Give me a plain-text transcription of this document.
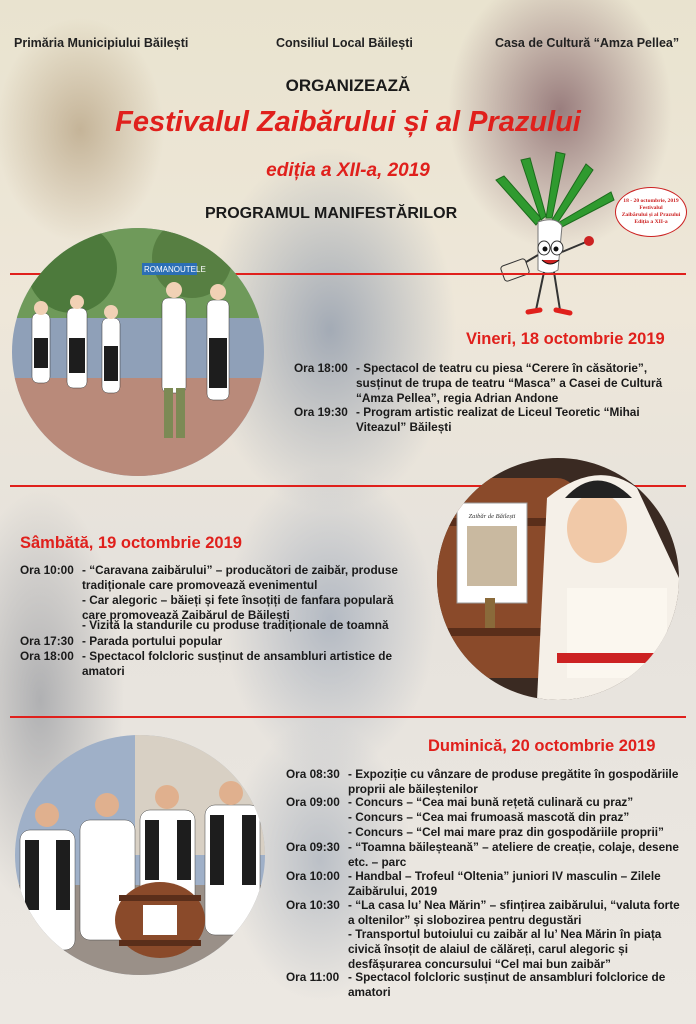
Primăria Municipiului Băilești	Consiliul Local Băilești	Casa de Cultură “Amza Pellea”
ORGANIZEAZĂ
Festivalul Zaibărului și al Prazului
ediția a XII-a, 2019
PROGRAMUL MANIFESTĂRILOR
18 - 20 octombrie, 2019
Festivalul
Zaibărului și al Prazului
Ediția a XII-a
ROMANOUTELE
Vineri, 18 octombrie 2019
Ora 18:00 - Spectacol de teatru cu piesa “Cerere în căsătorie”, susținut de trupa de teatru “Masca” a Casei de Cultură “Amza Pellea”, regia Adrian Andone
Ora 19:30 - Program artistic realizat de Liceul Teoretic “Mihai Viteazul” Băilești
Zaibăr de Băilești
Sâmbătă, 19 octombrie 2019
Ora 10:00 - “Caravana zaibărului” – producători de zaibăr, produse tradiționale care promovează evenimentul
- Car alegoric – băieți și fete însoțiți de fanfara populară care promovează Zaibărul de Băilești
- Vizită la standurile cu produse tradiționale de toamnă
Ora 17:30 - Parada portului popular
Ora 18:00 - Spectacol folcloric susținut de ansambluri artistice de amatori
Duminică, 20 octombrie 2019
Ora 08:30 - Expoziție cu vânzare de produse pregătite în gospodăriile proprii ale băileștenilor
Ora 09:00 - Concurs – “Cea mai bună rețetă culinară cu praz”
- Concurs – “Cea mai frumoasă mascotă din praz”
- Concurs – “Cel mai mare praz din gospodăriile proprii”
Ora 09:30 - “Toamna băileșteană” – ateliere de creație, colaje, desene etc. – parc
Ora 10:00 - Handbal – Trofeul “Oltenia” juniori IV masculin – Zilele Zaibărului, 2019
Ora 10:30 - “La casa lu’ Nea Mărin” – sfințirea zaibărului, “valuta forte a oltenilor” și slobozirea pentru degustări
- Transportul butoiului cu zaibăr al lu’ Nea Mărin în piața civică însoțit de alaiul de călăreți, carul alegoric și desfășurarea concursului “Cel mai bun zaibăr”
Ora 11:00 - Spectacol folcloric susținut de ansambluri folclorice de amatori
